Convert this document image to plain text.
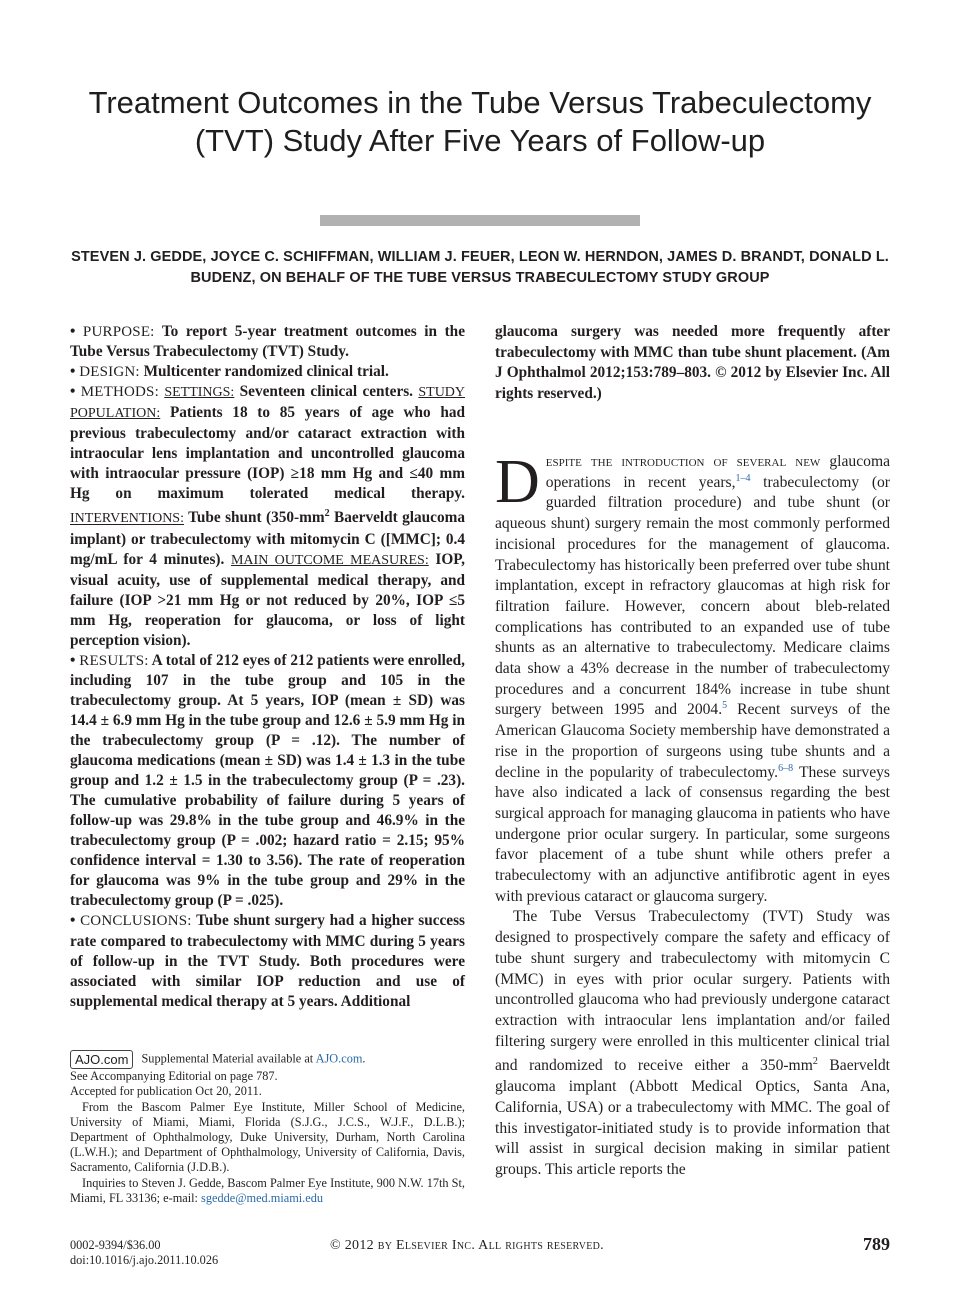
Treatment Outcomes in the Tube Versus Trabeculectomy (TVT) Study After Five Years of Follow-up
STEVEN J. GEDDE, JOYCE C. SCHIFFMAN, WILLIAM J. FEUER, LEON W. HERNDON, JAMES D. BRANDT, DONALD L. BUDENZ, ON BEHALF OF THE TUBE VERSUS TRABECULECTOMY STUDY GROUP

• PURPOSE: To report 5-year treatment outcomes in the Tube Versus Trabeculectomy (TVT) Study.

• DESIGN: Multicenter randomized clinical trial.

• METHODS: SETTINGS: Seventeen clinical centers. STUDY POPULATION: Patients 18 to 85 years of age who had previous trabeculectomy and/or cataract extraction with intraocular lens implantation and uncontrolled glaucoma with intraocular pressure (IOP) ≥18 mm Hg and ≤40 mm Hg on maximum tolerated medical therapy. INTERVENTIONS: Tube shunt ($350-mm^2$ Baerveldt glaucoma implant) or trabeculectomy with mitomycin C ([MMC]; 0.4 mg/mL for 4 minutes). MAIN OUTCOME MEASURES: IOP, visual acuity, use of supplemental medical therapy, and failure (IOP >21 mm Hg or not reduced by 20%, IOP ≤5 mm Hg, reoperation for glaucoma, or loss of light perception vision).

• RESULTS: A total of 212 eyes of 212 patients were enrolled, including 107 in the tube group and 105 in the trabeculectomy group. At 5 years, IOP (mean ± SD) was 14.4 ± 6.9 mm Hg in the tube group and 12.6 ± 5.9 mm Hg in the trabeculectomy group (P = .12). The number of glaucoma medications (mean ± SD) was 1.4 ± 1.3 in the tube group and 1.2 ± 1.5 in the trabeculectomy group (P = .23). The cumulative probability of failure during 5 years of follow-up was 29.8% in the tube group and 46.9% in the trabeculectomy group (P = .002; hazard ratio = 2.15; 95% confidence interval = 1.30 to 3.56). The rate of reoperation for glaucoma was 9% in the tube group and 29% in the trabeculectomy group (P = .025).

• CONCLUSIONS: Tube shunt surgery had a higher success rate compared to trabeculectomy with MMC during 5 years of follow-up in the TVT Study. Both procedures were associated with similar IOP reduction and use of supplemental medical therapy at 5 years. Additional

glaucoma surgery was needed more frequently after trabeculectomy with MMC than tube shunt placement. (Am J Ophthalmol 2012;153:789–803. © 2012 by Elsevier Inc. All rights reserved.)

Despite the introduction of several new glaucoma operations in recent years,$^{1-4}$ trabeculectomy (or guarded filtration procedure) and tube shunt (or aqueous shunt) surgery remain the most commonly performed incisional procedures for the management of glaucoma. Trabeculectomy has historically been preferred over tube shunt implantation, except in refractory glaucomas at high risk for filtration failure. However, concern about bleb-related complications has contributed to an expanded use of tube shunts as an alternative to trabeculectomy. Medicare claims data show a 43% decrease in the number of trabeculectomy procedures and a concurrent 184% increase in tube shunt surgery between 1995 and 2004.$^5$ Recent surveys of the American Glaucoma Society membership have demonstrated a rise in the proportion of surgeons using tube shunts and a decline in the popularity of trabeculectomy.$^{6-8}$ These surveys have also indicated a lack of consensus regarding the best surgical approach for managing glaucoma in patients who have undergone prior ocular surgery. In particular, some surgeons favor placement of a tube shunt while others prefer a trabeculectomy with an adjunctive antifibrotic agent in eyes with previous cataract or glaucoma surgery.

The Tube Versus Trabeculectomy (TVT) Study was designed to prospectively compare the safety and efficacy of tube shunt surgery and trabeculectomy with mitomycin C (MMC) in eyes with prior ocular surgery. Patients with uncontrolled glaucoma who had previously undergone cataract extraction with intraocular lens implantation and/or failed filtering surgery were enrolled in this multicenter clinical trial and randomized to receive either a $350-mm^2$ Baerveldt glaucoma implant (Abbott Medical Optics, Santa Ana, California, USA) or a trabeculectomy with MMC. The goal of this investigator-initiated study is to provide information that will assist in surgical decision making in similar patient groups. This article reports the

AJO.com Supplemental Material available at AJO.com.

See Accompanying Editorial on page 787.

Accepted for publication Oct 20, 2011.

From the Bascom Palmer Eye Institute, Miller School of Medicine, University of Miami, Miami, Florida (S.J.G., J.C.S., W.J.F., D.L.B.); Department of Ophthalmology, Duke University, Durham, North Carolina (L.W.H.); and Department of Ophthalmology, University of California, Davis, Sacramento, California (J.D.B.).

Inquiries to Steven J. Gedde, Bascom Palmer Eye Institute, 900 N.W. 17th St, Miami, FL 33136; e-mail: sgedde@med.miami.edu

0002-9394/$36.00
doi:10.1016/j.ajo.2011.10.026
© 2012 by Elsevier Inc. All rights reserved.	789
